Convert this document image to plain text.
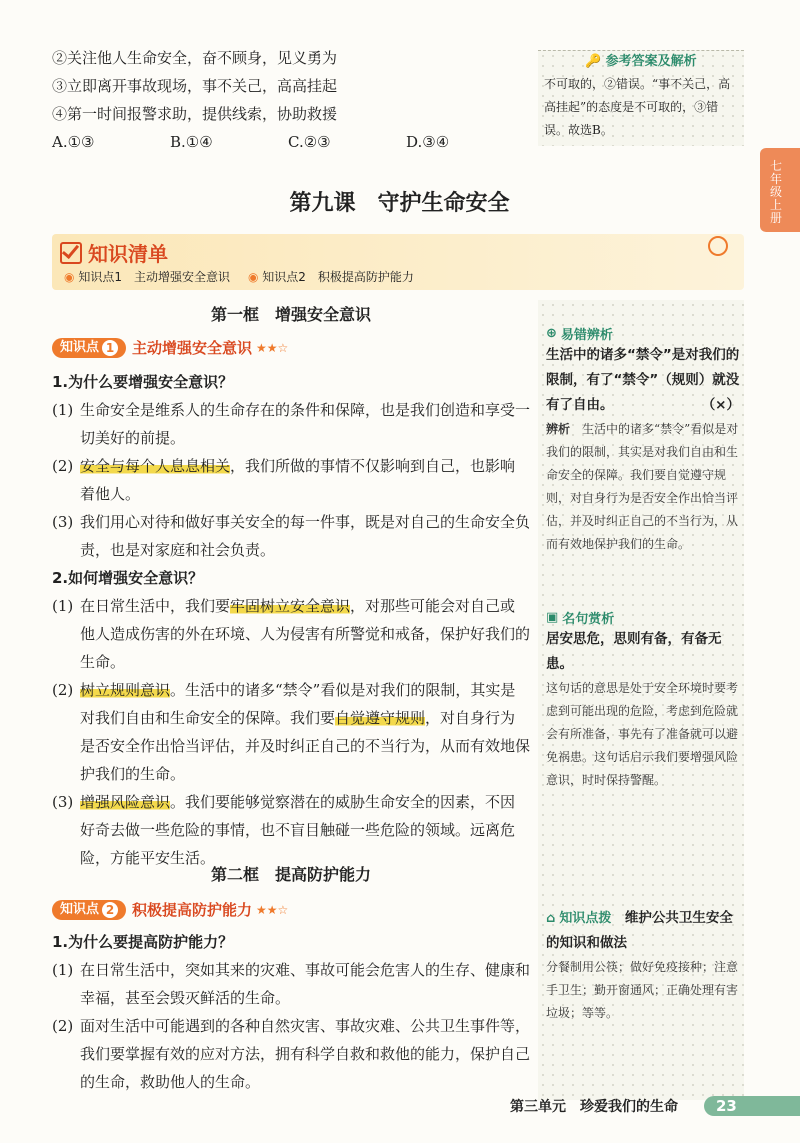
②关注他人生命安全，奋不顾身，见义勇为
③立即离开事故现场，事不关己，高高挂起
④第一时间报警求助，提供线索，协助救援
A.①③	B.①④	C.②③	D.③④
🔑 参考答案及解析
不可取的，②错误。“事不关己，高高挂起”的态度是不可取的，③错误。故选B。
七年级上册
第九课　守护生命安全
知识清单
◉ 知识点1　主动增强安全意识 ◉ 知识点2　积极提高防护能力
第一框　增强安全意识
知识点 1 主动增强安全意识 ★★☆
1.为什么要增强安全意识？
(1) 生命安全是维系人的生命存在的条件和保障，也是我们创造和享受一切美好的前提。
(2) 安全与每个人息息相关，我们所做的事情不仅影响到自己，也影响着他人。
(3) 我们用心对待和做好事关安全的每一件事，既是对自己的生命安全负责，也是对家庭和社会负责。
2.如何增强安全意识？
(1) 在日常生活中，我们要牢固树立安全意识，对那些可能会对自己或他人造成伤害的外在环境、人为侵害有所警觉和戒备，保护好我们的生命。
(2) 树立规则意识。生活中的诸多“禁令”看似是对我们的限制，其实是对我们自由和生命安全的保障。我们要自觉遵守规则，对自身行为是否安全作出恰当评估，并及时纠正自己的不当行为，从而有效地保护我们的生命。
(3) 增强风险意识。我们要能够觉察潜在的威胁生命安全的因素，不因好奇去做一些危险的事情，也不盲目触碰一些危险的领域。远离危险，方能平安生活。
第二框　提高防护能力
知识点 2 积极提高防护能力 ★★☆
1.为什么要提高防护能力？
(1) 在日常生活中，突如其来的灾难、事故可能会危害人的生存、健康和幸福，甚至会毁灭鲜活的生命。
(2) 面对生活中可能遇到的各种自然灾害、事故灾难、公共卫生事件等，我们要掌握有效的应对方法，拥有科学自救和救他的能力，保护自己的生命，救助他人的生命。
⊕ 易错辨析
生活中的诸多“禁令”是对我们的限制，有了“禁令”（规则）就没有了自由。	（×）
辨析　 生活中的诸多“禁令”看似是对我们的限制，其实是对我们自由和生命安全的保障。我们要自觉遵守规则，对自身行为是否安全作出恰当评估，并及时纠正自己的不当行为，从而有效地保护我们的生命。
▣ 名句赏析
居安思危，思则有备，有备无患。
这句话的意思是处于安全环境时要考虑到可能出现的危险，考虑到危险就会有所准备，事先有了准备就可以避免祸患。这句话启示我们要增强风险意识，时时保持警醒。
⌂ 知识点拨
　 维护公共卫生安全的知识和做法
分餐制用公筷；做好免疫接种；注意手卫生；勤开窗通风；正确处理有害垃圾；等等。
第三单元　珍爱我们的生命	23
